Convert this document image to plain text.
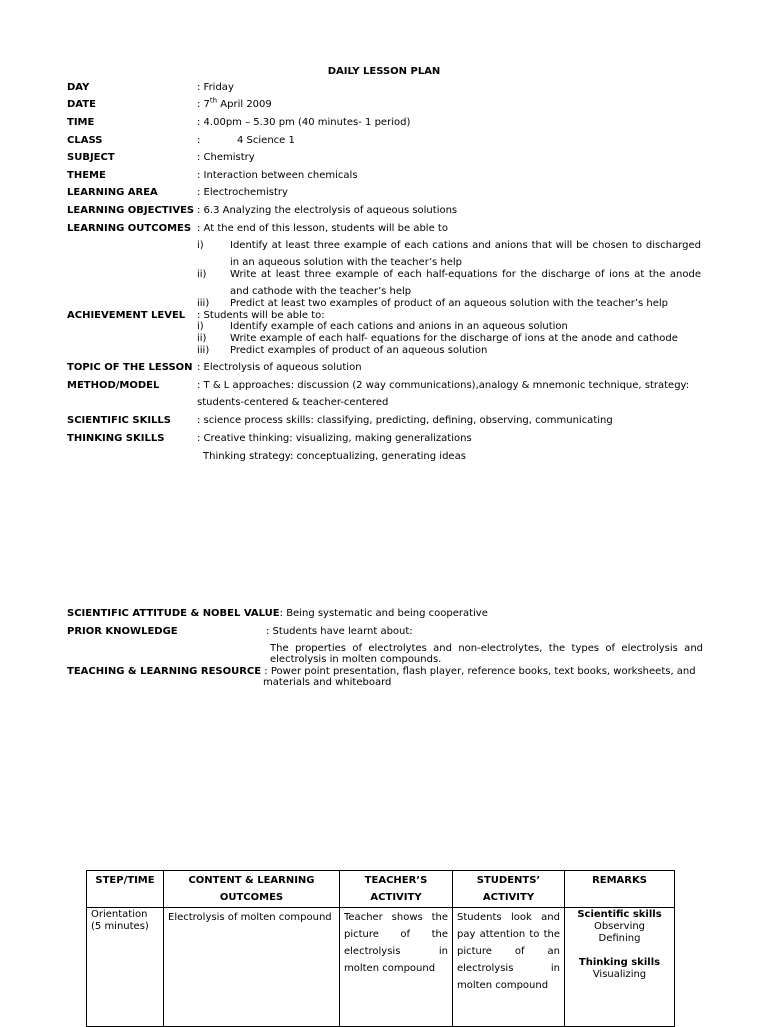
DAILY LESSON PLAN
DAY	: Friday
DATE	: 7th April 2009
TIME	: 4.00pm – 5.30 pm (40 minutes- 1 period)
CLASS	:	4 Science 1
SUBJECT	: Chemistry
THEME	: Interaction between chemicals
LEARNING AREA	: Electrochemistry
LEARNING OBJECTIVES : 6.3 Analyzing the electrolysis of aqueous solutions
LEARNING OUTCOMES : At the end of this lesson, students will be able to
i)	Identify at least three example of each cations and anions that will be chosen to discharged
in an aqueous solution with the teacher’s help
ii) Write at least three example of each half-equations for the discharge of ions at the anode
and cathode with the teacher’s help
iii) Predict at least two examples of product of an aqueous solution with the teacher’s help
ACHIEVEMENT LEVEL : Students will be able to:
i)	Identify example of each cations and anions in an aqueous solution
ii) Write example of each half- equations for the discharge of ions at the anode and cathode
iii) Predict examples of product of an aqueous solution
TOPIC OF THE LESSON : Electrolysis of aqueous solution
METHOD/MODEL	: T & L approaches: discussion (2 way communications),analogy & mnemonic technique, strategy:
students-centered & teacher-centered
SCIENTIFIC SKILLS	: science process skills: classifying, predicting, defining, observing, communicating
THINKING SKILLS	: Creative thinking: visualizing, making generalizations
Thinking strategy: conceptualizing, generating ideas
SCIENTIFIC ATTITUDE & NOBEL VALUE: Being systematic and being cooperative
PRIOR KNOWLEDGE	: Students have learnt about:
The properties of electrolytes and non-electrolytes, the types of electrolysis and electrolysis in molten compounds.
TEACHING & LEARNING RESOURCE : Power point presentation, flash player, reference books, text books, worksheets, and
materials and whiteboard
STEP/TIME	CONTENT & LEARNING OUTCOMES	TEACHER’S ACTIVITY	STUDENTS’ ACTIVITY	REMARKS
Orientation (5 minutes)	Electrolysis of molten compound	Teacher shows the picture of the electrolysis in molten compound	Students look and pay attention to the picture of an electrolysis in molten compound	Scientific skills
Observing
Defining
Thinking skills
Visualizing
